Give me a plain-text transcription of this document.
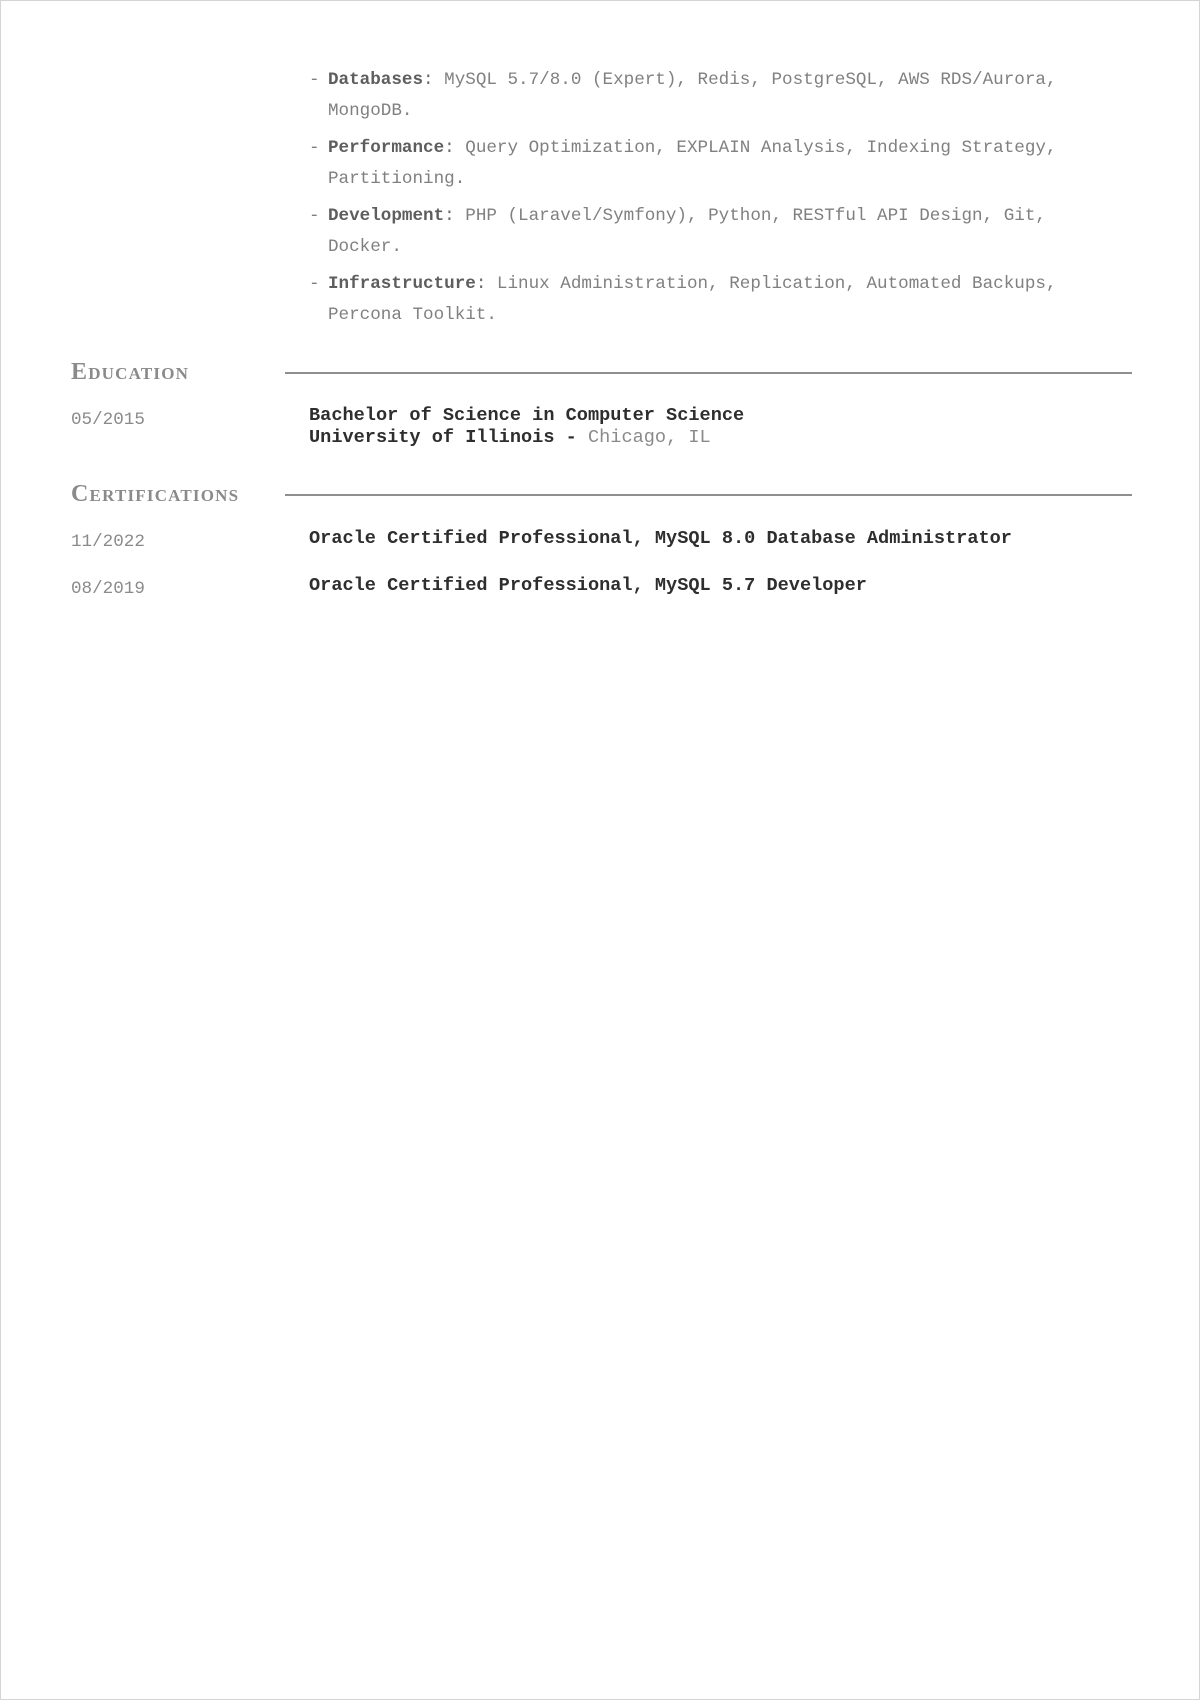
- Databases: MySQL 5.7/8.0 (Expert), Redis, PostgreSQL, AWS RDS/Aurora, MongoDB.
- Performance: Query Optimization, EXPLAIN Analysis, Indexing Strategy, Partitioning.
- Development: PHP (Laravel/Symfony), Python, RESTful API Design, Git, Docker.
- Infrastructure: Linux Administration, Replication, Automated Backups, Percona Toolkit.
Education
05/2015	Bachelor of Science in Computer Science
University of Illinois - Chicago, IL
Certifications
11/2022	Oracle Certified Professional, MySQL 8.0 Database Administrator
08/2019	Oracle Certified Professional, MySQL 5.7 Developer
